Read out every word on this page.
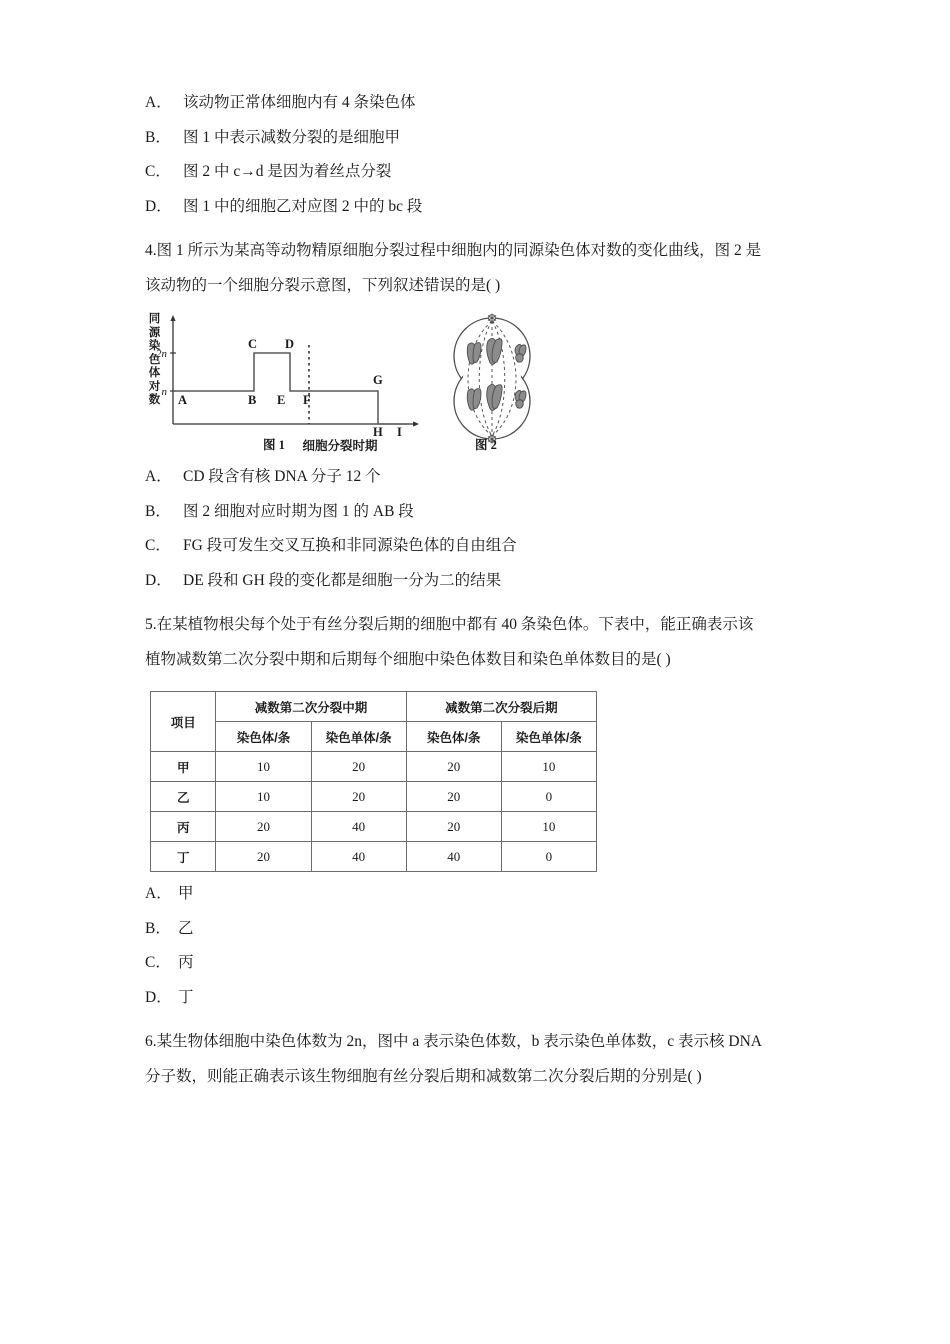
A． 该动物正常体细胞内有 4 条染色体
B． 图 1 中表示减数分裂的是细胞甲
C． 图 2 中 c→d 是因为着丝点分裂
D． 图 1 中的细胞乙对应图 2 中的 bc 段
4.图 1 所示为某高等动物精原细胞分裂过程中细胞内的同源染色体对数的变化曲线，图 2 是
该动物的一个细胞分裂示意图，下列叙述错误的是( )
同源染色体对数
n
2n
A	B
C D
E F
G
H I
细胞分裂时期
图 1	图 2
A． CD 段含有核 DNA 分子 12 个
B． 图 2 细胞对应时期为图 1 的 AB 段
C． FG 段可发生交叉互换和非同源染色体的自由组合
D． DE 段和 GH 段的变化都是细胞一分为二的结果
5.在某植物根尖每个处于有丝分裂后期的细胞中都有 40 条染色体。下表中，能正确表示该
植物减数第二次分裂中期和后期每个细胞中染色体数目和染色单体数目的是( )
项目	减数第二次分裂中期		减数第二次分裂后期	
	染色体/条	染色单体/条	染色体/条	染色单体/条
甲	10	20	20	10
乙	10	20	20	0
丙	20	40	20	10
丁	20	40	40	0
A． 甲
B． 乙
C． 丙
D． 丁
6.某生物体细胞中染色体数为 2n，图中 a 表示染色体数，b 表示染色单体数，c 表示核 DNA
分子数，则能正确表示该生物细胞有丝分裂后期和减数第二次分裂后期的分别是( )
